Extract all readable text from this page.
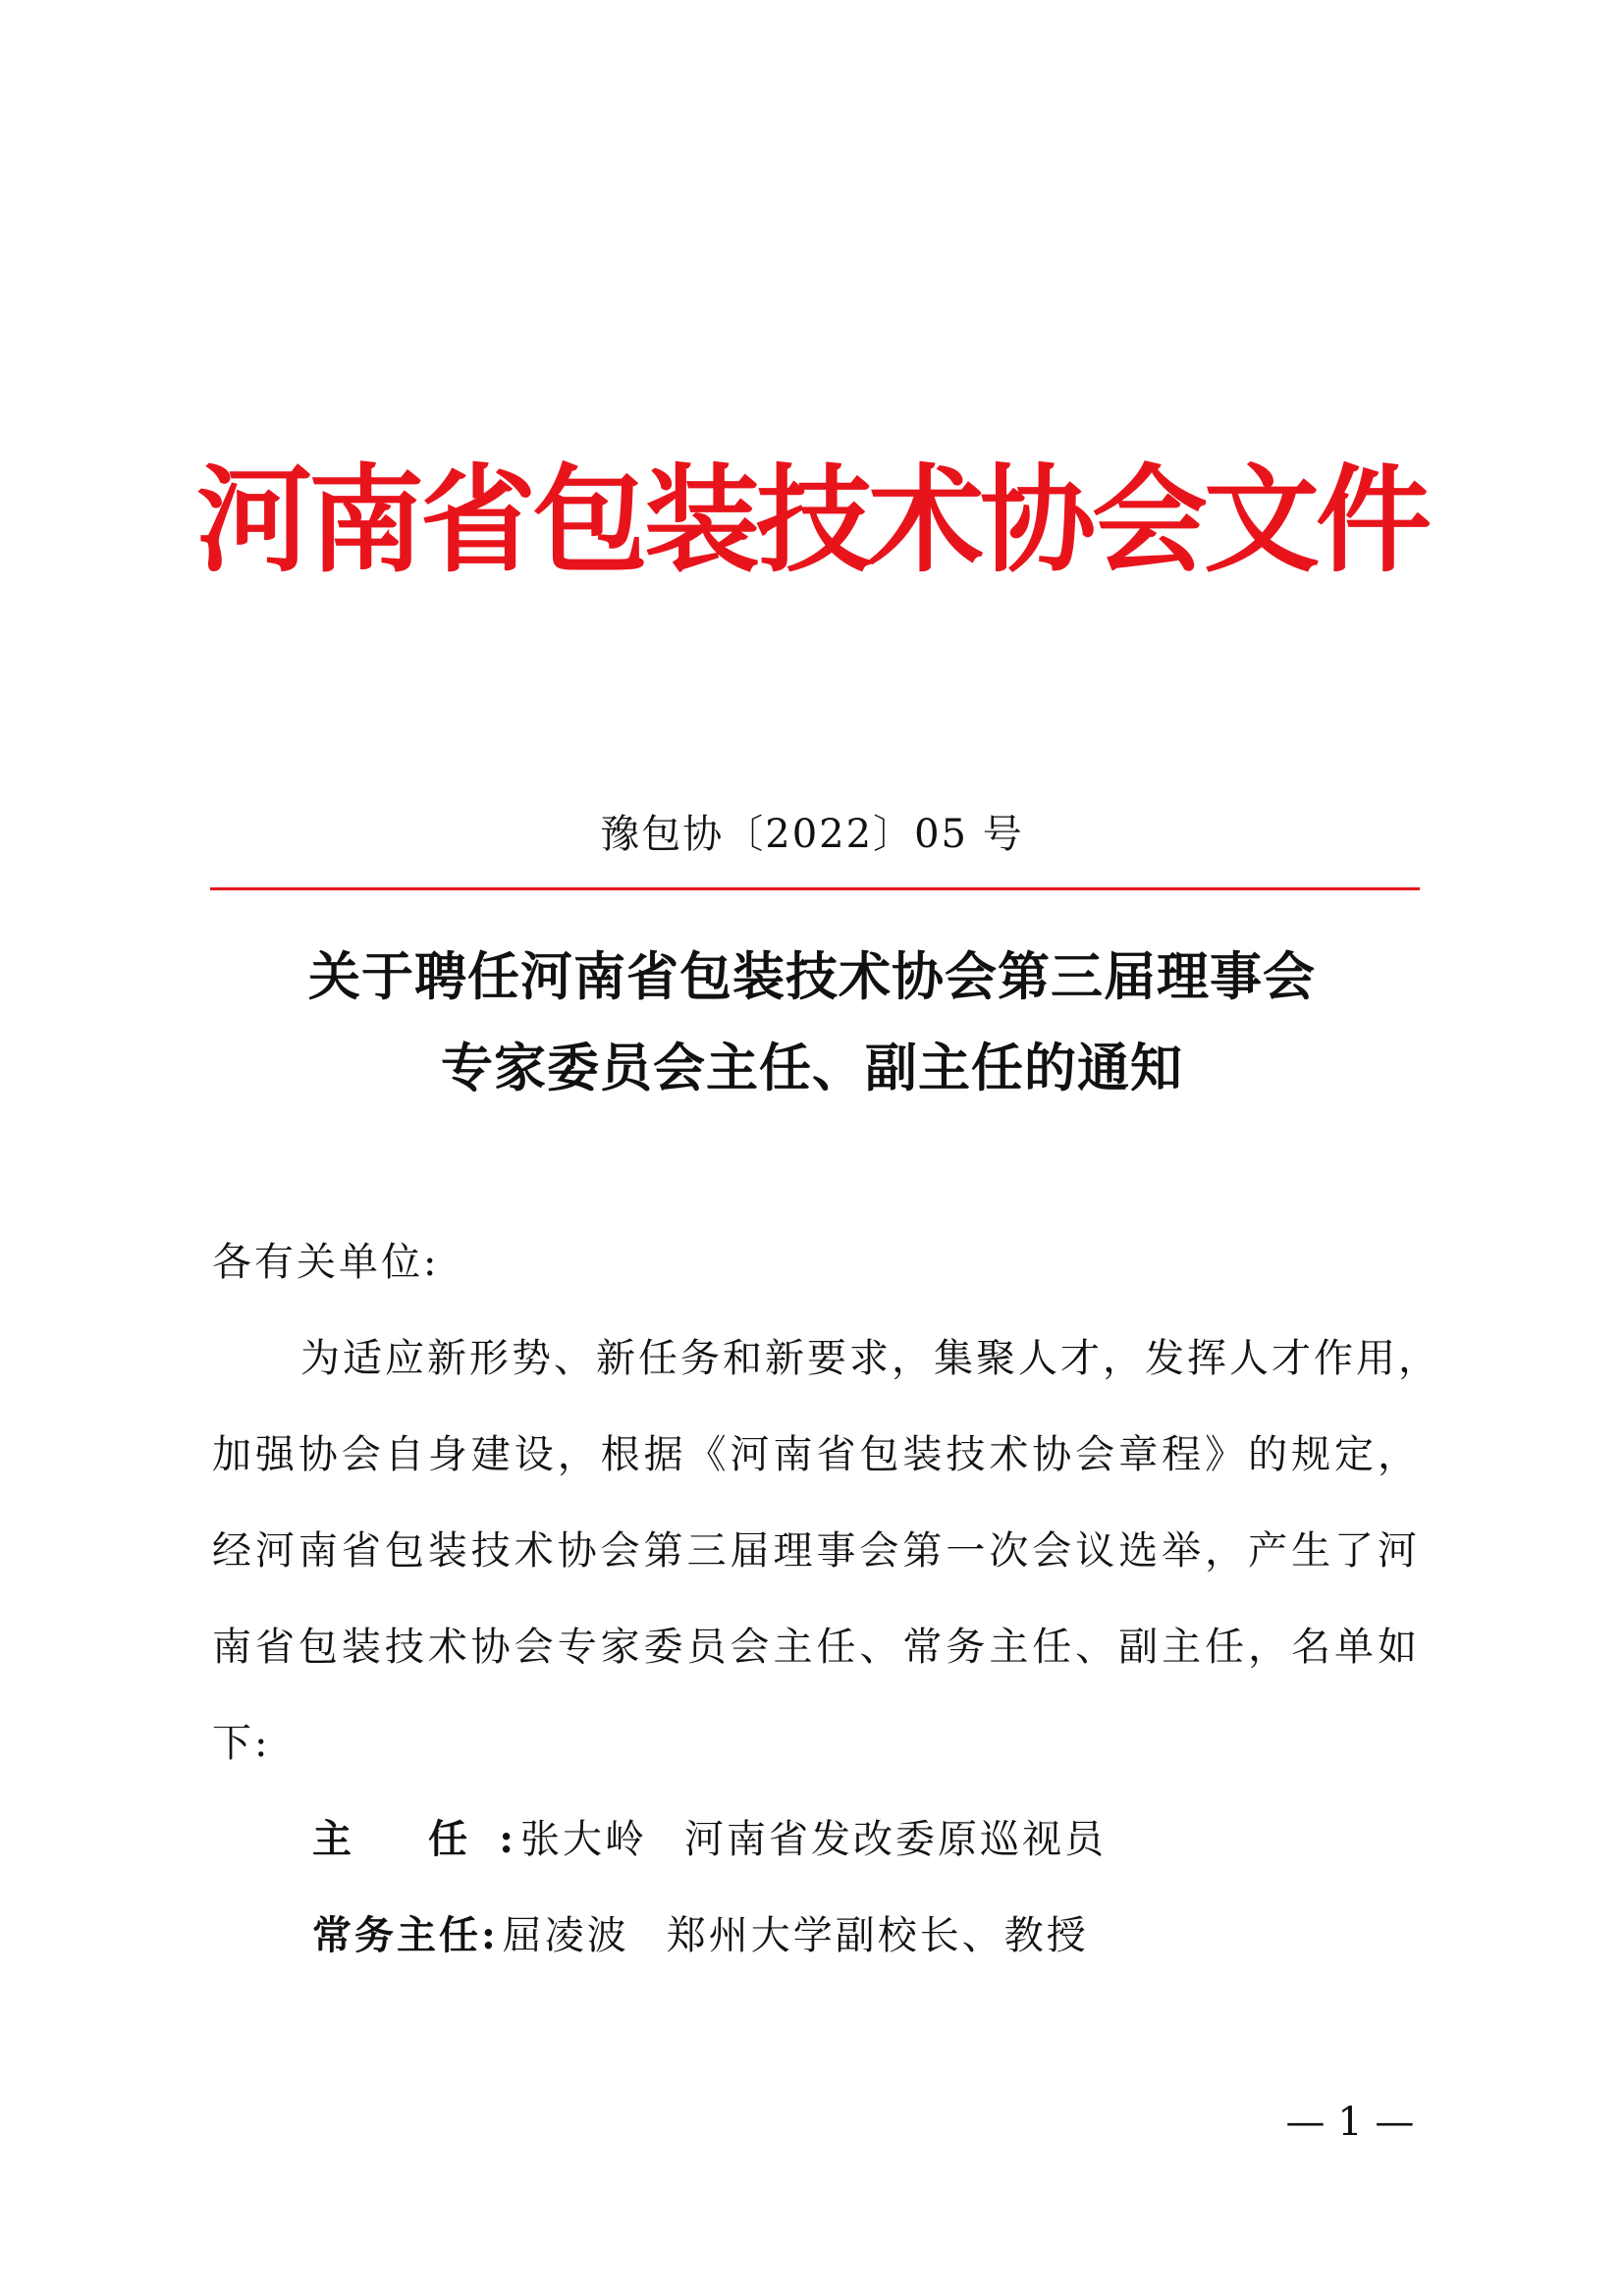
河南省包装技术协会文件
豫包协〔2022〕05 号
关于聘任河南省包装技术协会第三届理事会
专家委员会主任、副主任的通知
各有关单位:
为适应新形势、新任务和新要求，集聚人才，发挥人才作用，
加强协会自身建设，根据《河南省包装技术协会章程》的规定，
经河南省包装技术协会第三届理事会第一次会议选举，产生了河
南省包装技术协会专家委员会主任、常务主任、副主任，名单如
下:
主 任:张大岭 河南省发改委原巡视员
常务主任: 屈凌波 郑州大学副校长、教授
— 1 —
